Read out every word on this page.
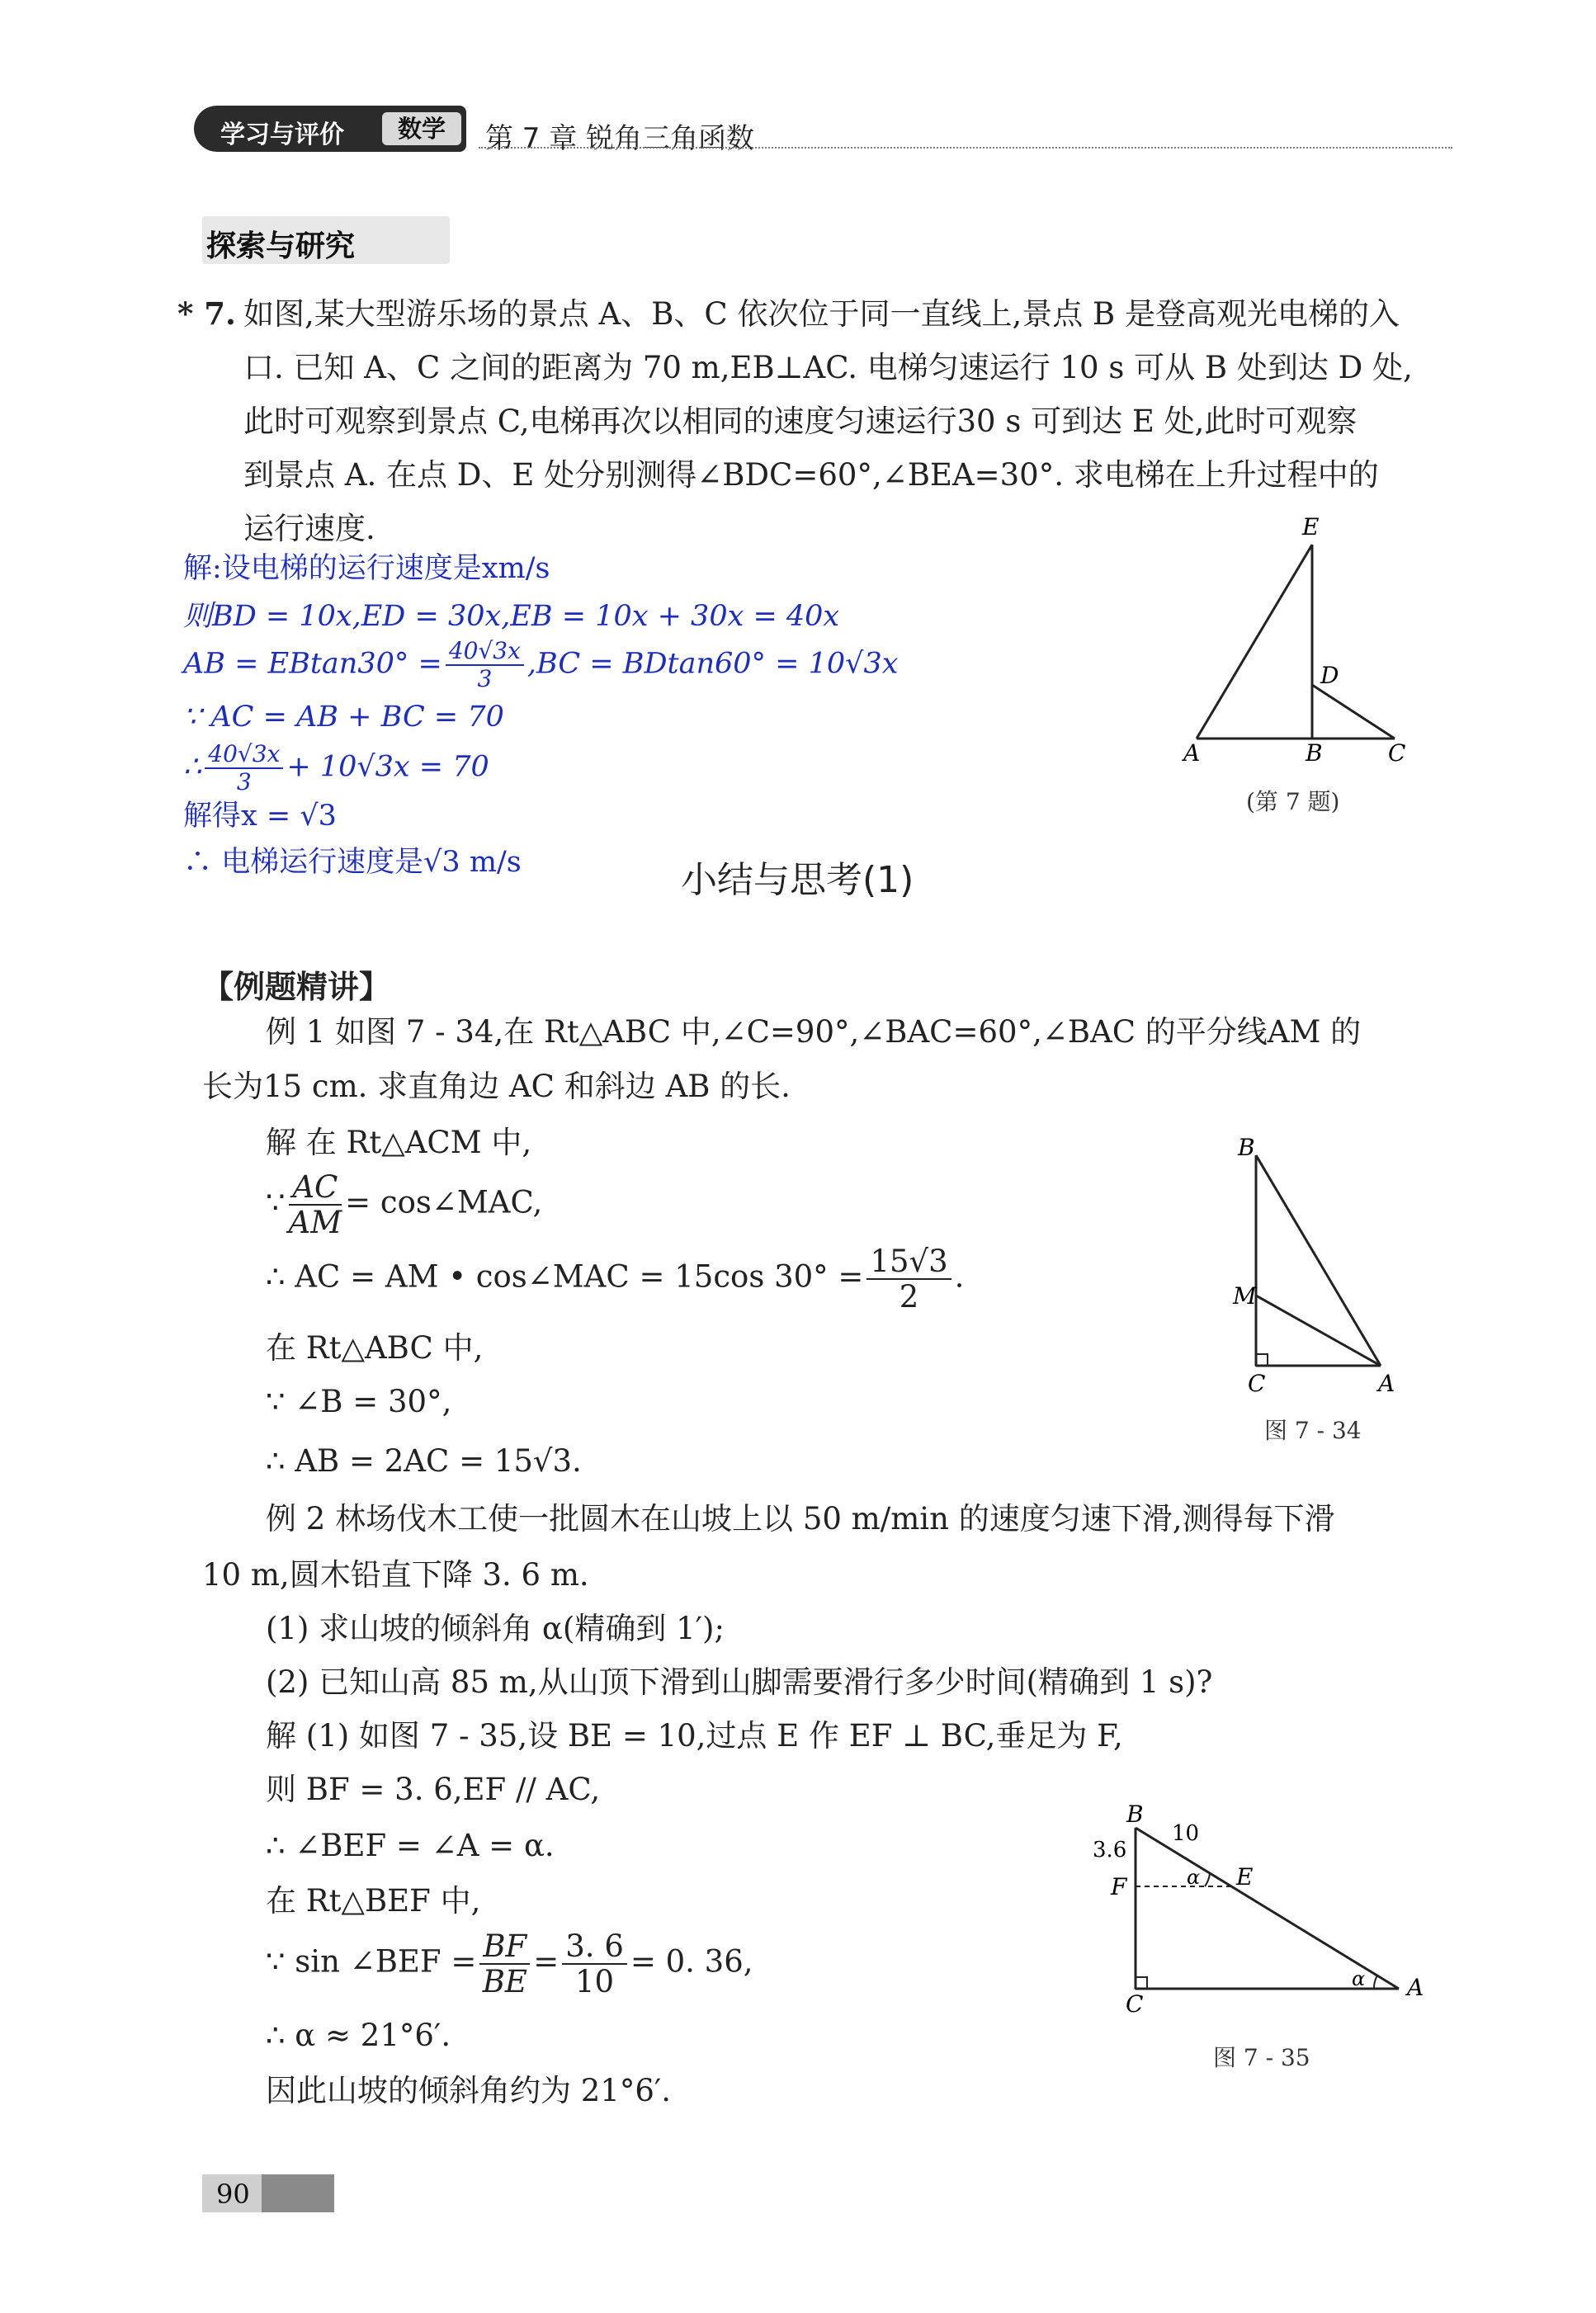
学习与评价	数学	第 7 章 锐角三角函数
探索与研究
* 7. 如图,某大型游乐场的景点 A、B、C 依次位于同一直线上,景点 B 是登高观光电梯的入
口. 已知 A、C 之间的距离为 70 m,EB⊥AC. 电梯匀速运行 10 s 可从 B 处到达 D 处,
此时可观察到景点 C,电梯再次以相同的速度匀速运行30 s 可到达 E 处,此时可观察
到景点 A. 在点 D、E 处分别测得∠BDC=60°,∠BEA=30°. 求电梯在上升过程中的
运行速度.	E
D
A	B	C
(第 7 题)
解:设电梯的运行速度是xm/s
则BD = 10x,ED = 30x,EB = 10x + 30x = 40x
AB = $EBtan30^\circ = \frac{40√3x}{3} ,BC = BDtan60^\circ = 10√3x$
∵ AC = AB + BC = 70
∴ $\frac{40√3x}{3} + 10√3x = 70$
解得x = √3
∴ 电梯运行速度是√3 m/s	小结与思考(1)
【例题精讲】
例 1 如图 7 - 34,在 Rt△ABC 中,∠C=90°,∠BAC=60°,∠BAC 的平分线AM 的
长为15 cm. 求直角边 AC 和斜边 AB 的长.
解 在 Rt△ACM 中,
∵ $\frac{AC}{AM}$ = cos∠MAC,
∴ AC = AM • cos∠MAC = 15cos $30^\circ = \frac{15√3}{2}$ .
在 Rt△ABC 中,
∵ ∠B = 30°,
∴ AB = 2AC = 15√3.
B
M
C	A
图 7 - 34
例 2 林场伐木工使一批圆木在山坡上以 50 m/min 的速度匀速下滑,测得每下滑
10 m,圆木铅直下降 3. 6 m.
(1) 求山坡的倾斜角 α(精确到 1′);
(2) 已知山高 85 m,从山顶下滑到山脚需要滑行多少时间(精确到 1 s)?
解 (1) 如图 7 - 35,设 BE = 10,过点 E 作 EF ⊥ BC,垂足为 F,
则 BF = 3. 6,EF // AC,
∴ ∠BEF = ∠A = α.
在 Rt△BEF 中,
∵ sin ∠BEF = $\frac{BF}{BE} = \frac{3. 6}{10} = 0$. 36,
∴ α ≈ 21°6′.
因此山坡的倾斜角约为 21°6′.
B
10
3.6
F	E
α
α
C
A
图 7 - 35
90
